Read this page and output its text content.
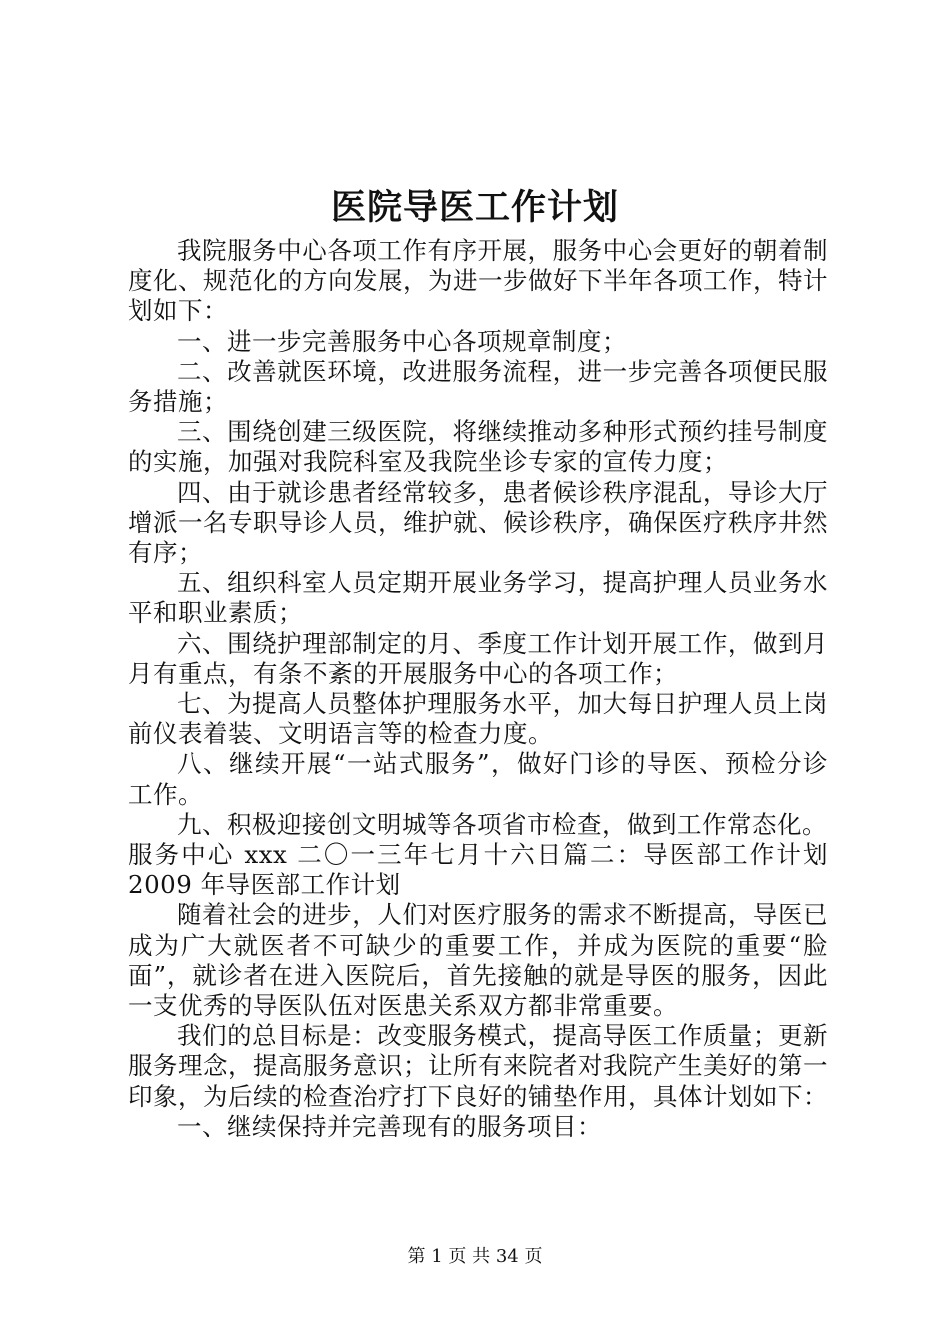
医院导医工作计划

我院服务中心各项工作有序开展，服务中心会更好的朝着制度化、规范化的方向发展，为进一步做好下半年各项工作，特计划如下：

一、进一步完善服务中心各项规章制度；

二、改善就医环境，改进服务流程，进一步完善各项便民服务措施；

三、围绕创建三级医院，将继续推动多种形式预约挂号制度的实施，加强对我院科室及我院坐诊专家的宣传力度；

四、由于就诊患者经常较多，患者候诊秩序混乱，导诊大厅增派一名专职导诊人员，维护就、候诊秩序，确保医疗秩序井然有序；

五、组织科室人员定期开展业务学习，提高护理人员业务水平和职业素质；

六、围绕护理部制定的月、季度工作计划开展工作，做到月月有重点，有条不紊的开展服务中心的各项工作；

七、为提高人员整体护理服务水平，加大每日护理人员上岗前仪表着装、文明语言等的检查力度。

八、继续开展“一站式服务”，做好门诊的导医、预检分诊工作。

九、积极迎接创文明城等各项省市检查，做到工作常态化。

服务中心 xxx 二〇一三年七月十六日篇二：导医部工作计划 2009 年导医部工作计划

随着社会的进步，人们对医疗服务的需求不断提高，导医已成为广大就医者不可缺少的重要工作，并成为医院的重要“脸面”，就诊者在进入医院后，首先接触的就是导医的服务，因此一支优秀的导医队伍对医患关系双方都非常重要。

我们的总目标是：改变服务模式，提高导医工作质量；更新服务理念，提高服务意识；让所有来院者对我院产生美好的第一印象，为后续的检查治疗打下良好的铺垫作用，具体计划如下：

一、继续保持并完善现有的服务项目：

第 1 页 共 34 页
